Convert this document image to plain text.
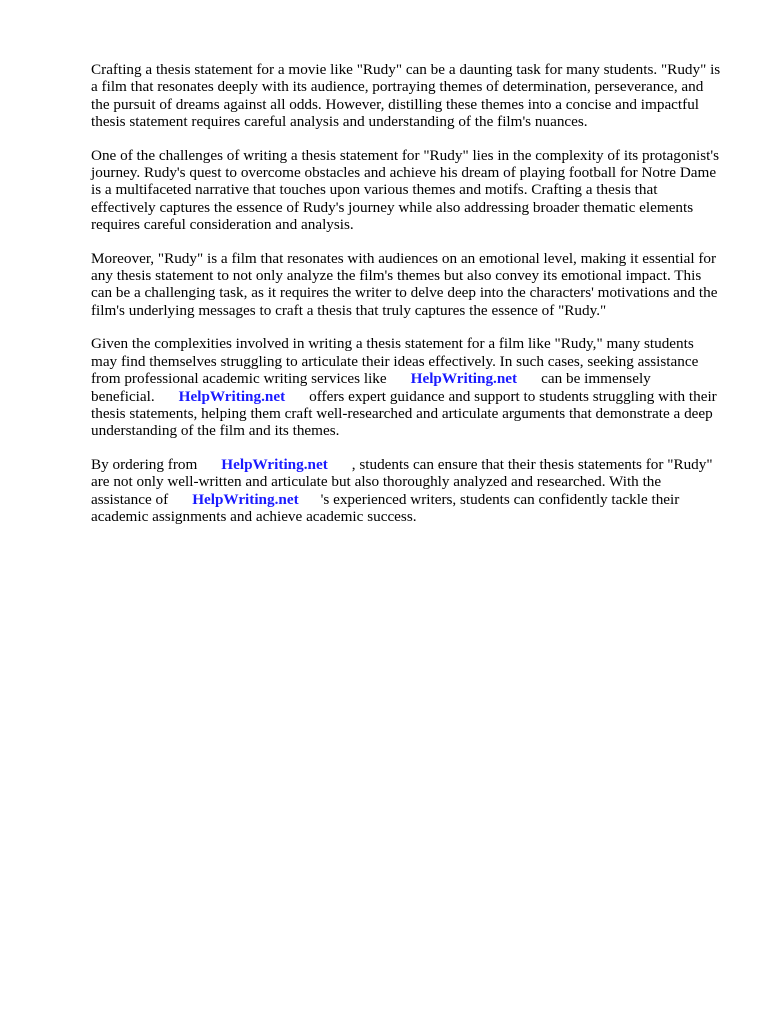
Crafting a thesis statement for a movie like "Rudy" can be a daunting task for many students. "Rudy" is a film that resonates deeply with its audience, portraying themes of determination, perseverance, and the pursuit of dreams against all odds. However, distilling these themes into a concise and impactful thesis statement requires careful analysis and understanding of the film's nuances.

One of the challenges of writing a thesis statement for "Rudy" lies in the complexity of its protagonist's journey. Rudy's quest to overcome obstacles and achieve his dream of playing football for Notre Dame is a multifaceted narrative that touches upon various themes and motifs. Crafting a thesis that effectively captures the essence of Rudy's journey while also addressing broader thematic elements requires careful consideration and analysis.

Moreover, "Rudy" is a film that resonates with audiences on an emotional level, making it essential for any thesis statement to not only analyze the film's themes but also convey its emotional impact. This can be a challenging task, as it requires the writer to delve deep into the characters' motivations and the film's underlying messages to craft a thesis that truly captures the essence of "Rudy."

Given the complexities involved in writing a thesis statement for a film like "Rudy," many students may find themselves struggling to articulate their ideas effectively. In such cases, seeking assistance from professional academic writing services like HelpWriting.net can be immensely beneficial. HelpWriting.net offers expert guidance and support to students struggling with their thesis statements, helping them craft well-researched and articulate arguments that demonstrate a deep understanding of the film and its themes.

By ordering from HelpWriting.net , students can ensure that their thesis statements for "Rudy" are not only well-written and articulate but also thoroughly analyzed and researched. With the assistance of HelpWriting.net 's experienced writers, students can confidently tackle their academic assignments and achieve academic success.
